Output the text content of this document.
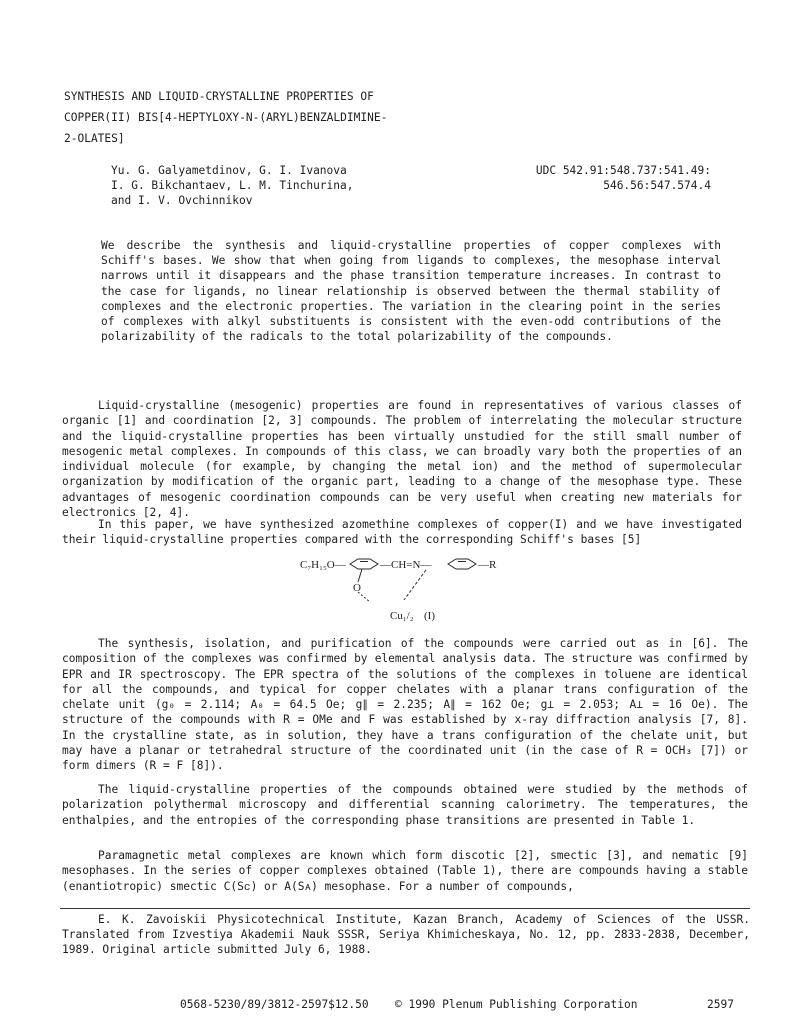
SYNTHESIS AND LIQUID-CRYSTALLINE PROPERTIES OF
COPPER(II) BIS[4-HEPTYLOXY-N-(ARYL)BENZALDIMINE-
2-OLATES]
Yu. G. Galyametdinov, G. I. Ivanova
I. G. Bikchantaev, L. M. Tinchurina,
and I. V. Ovchinnikov
UDC 542.91:548.737:541.49:
546.56:547.574.4
We describe the synthesis and liquid-crystalline properties of copper complexes with Schiff's bases. We show that when going from ligands to complexes, the mesophase interval narrows until it disappears and the phase transition temperature increases. In contrast to the case for ligands, no linear relationship is observed between the thermal stability of complexes and the electronic properties. The variation in the clearing point in the series of complexes with alkyl substituents is consistent with the even-odd contributions of the polarizability of the radicals to the total polarizability of the compounds.
Liquid-crystalline (mesogenic) properties are found in representatives of various classes of organic [1] and coordination [2, 3] compounds. The problem of interrelating the molecular structure and the liquid-crystalline properties has been virtually unstudied for the still small number of mesogenic metal complexes. In compounds of this class, we can broadly vary both the properties of an individual molecule (for example, by changing the metal ion) and the method of supermolecular organization by modification of the organic part, leading to a change of the mesophase type. These advantages of mesogenic coordination compounds can be very useful when creating new materials for electronics [2, 4].
In this paper, we have synthesized azomethine complexes of copper(I) and we have investigated their liquid-crystalline properties compared with the corresponding Schiff's bases [5]
C₇H₁₅O—	—CH=N—	—R
O
Cu₁/₂ (I)
The synthesis, isolation, and purification of the compounds were carried out as in [6]. The composition of the complexes was confirmed by elemental analysis data. The structure was confirmed by EPR and IR spectroscopy. The EPR spectra of the solutions of the complexes in toluene are identical for all the compounds, and typical for copper chelates with a planar trans configuration of the chelate unit (g₀ = 2.114; A₀ = 64.5 Oe; g∥ = 2.235; A∥ = 162 Oe; g⊥ = 2.053; A⊥ = 16 Oe). The structure of the compounds with R = OMe and F was established by x-ray diffraction analysis [7, 8]. In the crystalline state, as in solution, they have a trans configuration of the chelate unit, but may have a planar or tetrahedral structure of the coordinated unit (in the case of R = OCH₃ [7]) or form dimers (R = F [8]).
The liquid-crystalline properties of the compounds obtained were studied by the methods of polarization polythermal microscopy and differential scanning calorimetry. The temperatures, the enthalpies, and the entropies of the corresponding phase transitions are presented in Table 1.
Paramagnetic metal complexes are known which form discotic [2], smectic [3], and nematic [9] mesophases. In the series of copper complexes obtained (Table 1), there are compounds having a stable (enantiotropic) smectic C(Sᴄ) or A(Sᴀ) mesophase. For a number of compounds,
E. K. Zavoiskii Physicotechnical Institute, Kazan Branch, Academy of Sciences of the USSR. Translated from Izvestiya Akademii Nauk SSSR, Seriya Khimicheskaya, No. 12, pp. 2833-2838, December, 1989. Original article submitted July 6, 1988.
0568-5230/89/3812-2597$12.50 © 1990 Plenum Publishing Corporation	2597
